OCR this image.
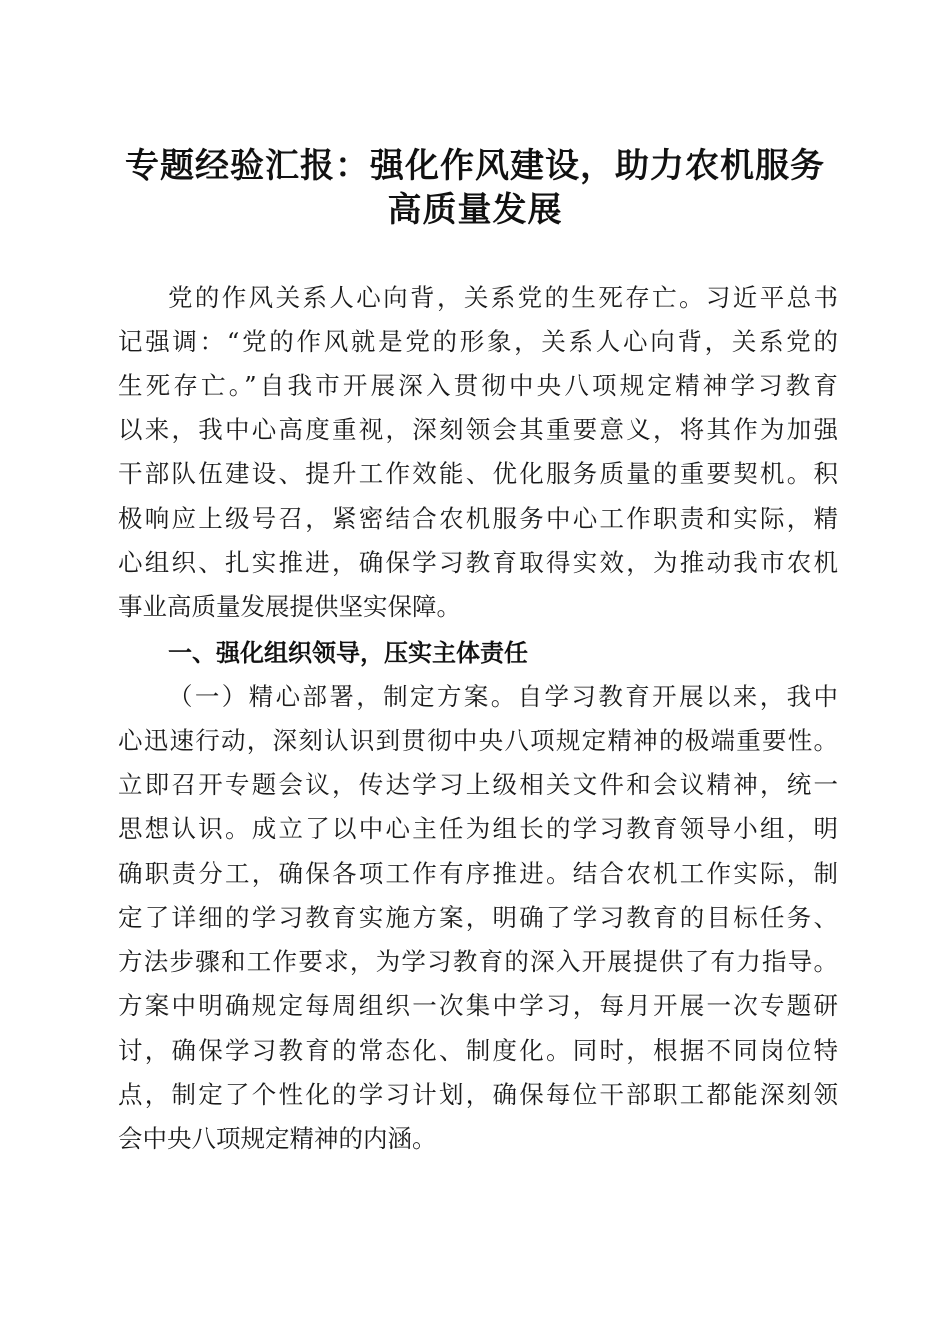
专题经验汇报：强化作风建设，助力农机服务
高质量发展
党的作风关系人心向背，关系党的生死存亡。习近平总书
记强调：“党的作风就是党的形象，关系人心向背，关系党的
生死存亡。”自我市开展深入贯彻中央八项规定精神学习教育
以来，我中心高度重视，深刻领会其重要意义，将其作为加强
干部队伍建设、提升工作效能、优化服务质量的重要契机。积
极响应上级号召，紧密结合农机服务中心工作职责和实际，精
心组织、扎实推进，确保学习教育取得实效，为推动我市农机
事业高质量发展提供坚实保障。
一、强化组织领导，压实主体责任
（一）精心部署，制定方案。自学习教育开展以来，我中
心迅速行动，深刻认识到贯彻中央八项规定精神的极端重要性。
立即召开专题会议，传达学习上级相关文件和会议精神，统一
思想认识。成立了以中心主任为组长的学习教育领导小组，明
确职责分工，确保各项工作有序推进。结合农机工作实际，制
定了详细的学习教育实施方案，明确了学习教育的目标任务、
方法步骤和工作要求，为学习教育的深入开展提供了有力指导。
方案中明确规定每周组织一次集中学习，每月开展一次专题研
讨，确保学习教育的常态化、制度化。同时，根据不同岗位特
点，制定了个性化的学习计划，确保每位干部职工都能深刻领
会中央八项规定精神的内涵。
